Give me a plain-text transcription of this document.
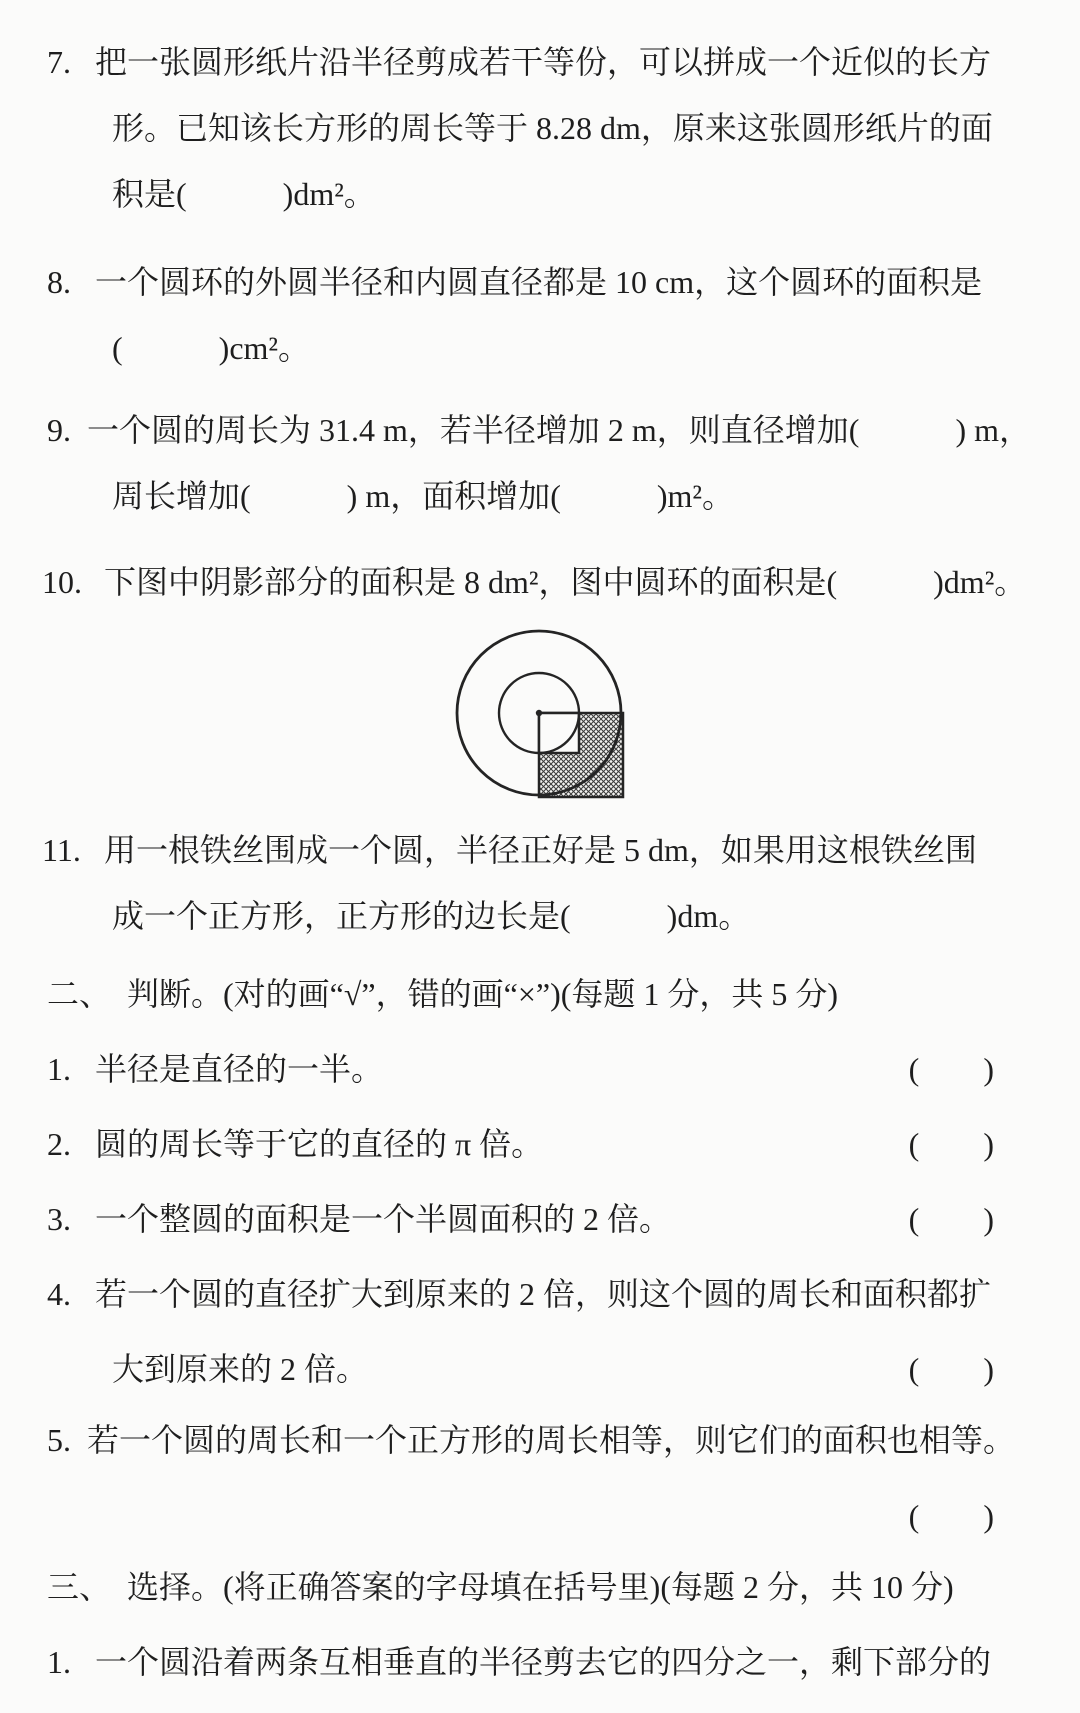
7. 把一张圆形纸片沿半径剪成若干等份，可以拼成一个近似的长方
形。已知该长方形的周长等于 8.28 dm，原来这张圆形纸片的面
积是(　　　)dm²。
8. 一个圆环的外圆半径和内圆直径都是 10 cm，这个圆环的面积是
(　　　)cm²。
9. 一个圆的周长为 31.4 m，若半径增加 2 m，则直径增加(　　　) m，
周长增加(　　　) m，面积增加(　　　)m²。
10. 下图中阴影部分的面积是 8 dm²，图中圆环的面积是(　　　)dm²。
11. 用一根铁丝围成一个圆，半径正好是 5 dm，如果用这根铁丝围
成一个正方形，正方形的边长是(　　　)dm。
二、　判断。(对的画“√”，错的画“×”)(每题 1 分，共 5 分)
1. 半径是直径的一半。	(　　)
2. 圆的周长等于它的直径的 π 倍。	(　　)
3. 一个整圆的面积是一个半圆面积的 2 倍。	(　　)
4. 若一个圆的直径扩大到原来的 2 倍，则这个圆的周长和面积都扩
大到原来的 2 倍。	(　　)
5. 若一个圆的周长和一个正方形的周长相等，则它们的面积也相等。
(　　)
三、　选择。(将正确答案的字母填在括号里)(每题 2 分，共 10 分)
1. 一个圆沿着两条互相垂直的半径剪去它的四分之一，剩下部分的
